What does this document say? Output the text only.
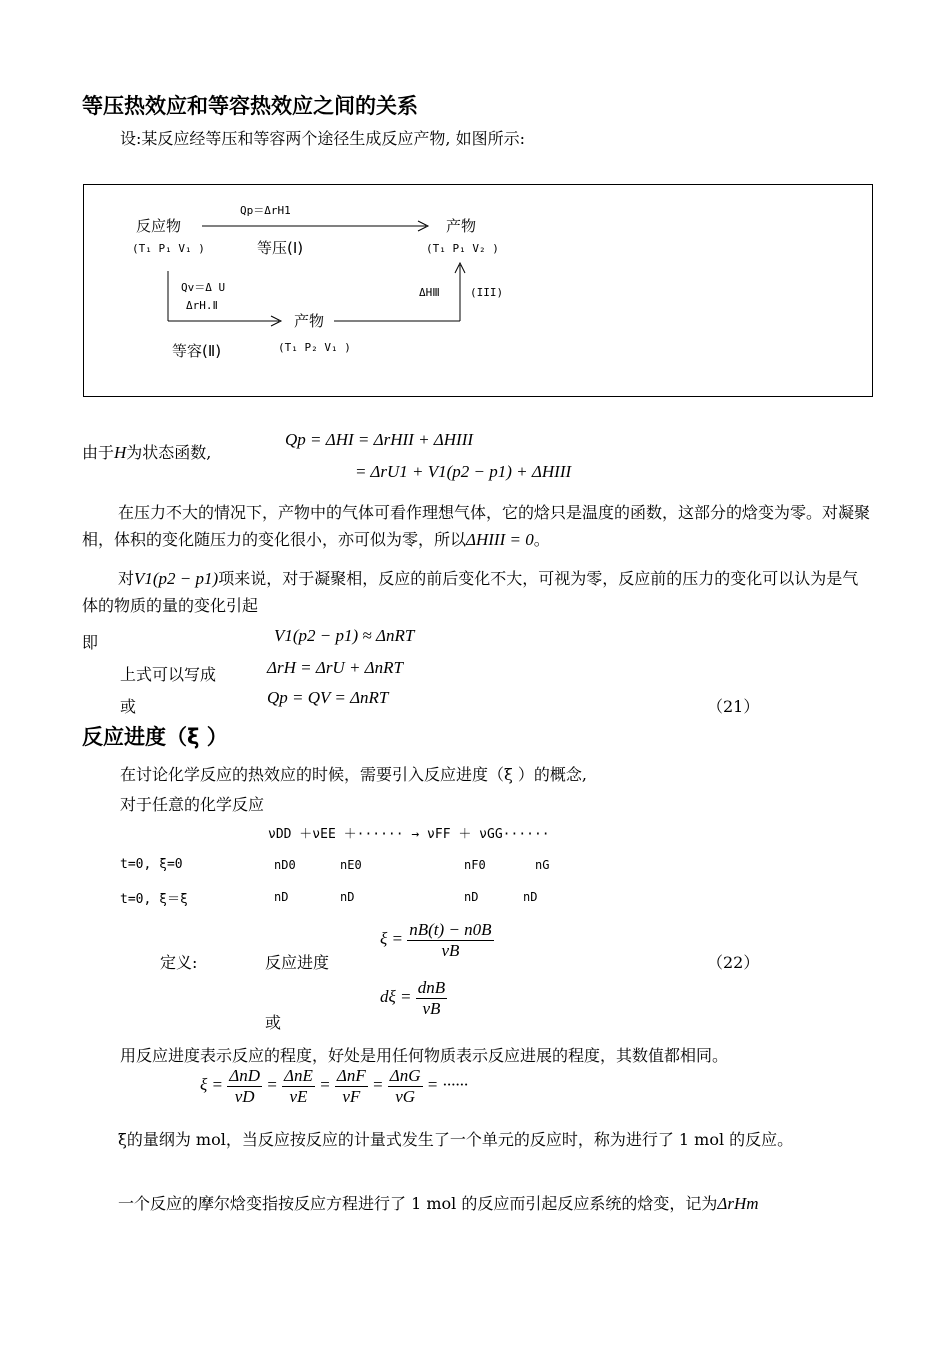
等压热效应和等容热效应之间的关系
设:某反应经等压和等容两个途径生成反应产物, 如图所示:
反应物
(T₁ P₁ V₁ )
Qp＝ΔrH1
产物
(T₁ P₁ V₂ )
等压(Ⅰ)
Qv＝Δ U
ΔrH.Ⅱ
ΔHⅢ	(III)
产物
等容(Ⅱ)	(T₁ P₂ V₁ )
由于H为状态函数,
Qp = ΔHI = ΔrHII + ΔHIII
= ΔrU1 + V1(p2 − p1) + ΔHIII
在压力不大的情况下，产物中的气体可看作理想气体，它的焓只是温度的函数，这部分的焓变为零。对凝聚相，体积的变化随压力的变化很小，亦可似为零，所以ΔHIII = 0。
对V1(p2 − p1)项来说，对于凝聚相，反应的前后变化不大，可视为零，反应前的压力的变化可以认为是气体的物质的量的变化引起
即	V1(p2 − p1) ≈ ΔnRT
上式可以写成	ΔrH = ΔrU + ΔnRT
或	Qp = QV = ΔnRT	（21）
反应进度（ξ ）
在讨论化学反应的热效应的时候，需要引入反应进度（ξ ）的概念,
对于任意的化学反应
νDD ＋νEE ＋······ → νFF ＋ νGG······
t=0, ξ=0	nD0	nE0	nF0	nG
t=0, ξ＝ξ	nD	nD	nD	nD
定义:	反应进度
$\xi = \frac{nB(t) - n0B}{\nu B}$
（22）
$d\xi = \frac{\text{dnB}}{\nu B}$
或
用反应进度表示反应的程度，好处是用任何物质表示反应进展的程度，其数值都相同。
$\xi = \frac{\text{ΔnD}}{\nu D} = \frac{\text{ΔnE}}{\nu E} = \frac{\text{ΔnF}}{\nu F} = \frac{\text{ΔnG}}{\nu G}$ = ······
ξ的量纲为 mol，当反应按反应的计量式发生了一个单元的反应时，称为进行了 1 mol 的反应。
一个反应的摩尔焓变指按反应方程进行了 1 mol 的反应而引起反应系统的焓变，记为ΔrHm
